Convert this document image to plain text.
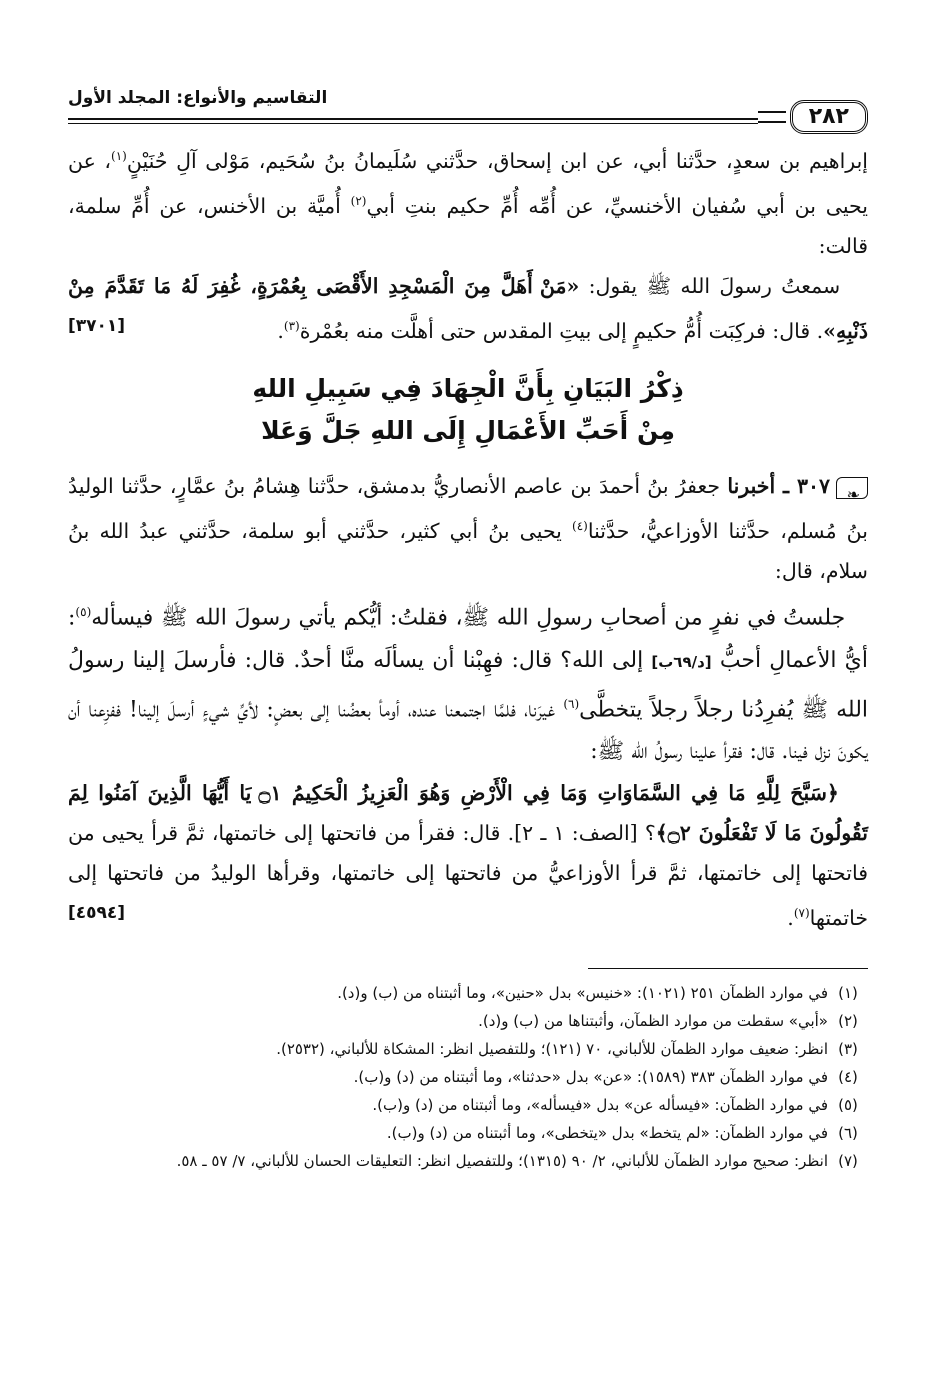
٢٨٢
التقاسيم والأنواع: المجلد الأول

إبراهيم بن سعدٍ، حدَّثنا أبي، عن ابن إسحاق، حدَّثني سُلَيمانُ بنُ سُحَيم، مَوْلى آلِ حُنَيْنٍ$^{(١)}$، عن يحيى بن أبي سُفيان الأخنسيِّ، عن أُمِّه أُمِّ حكيم بنتِ أبي$^{(٢)}$ أُميَّة بن الأخنس، عن أُمِّ سلمة، قالت:

سمعتُ رسولَ الله ﷺ يقول: «مَنْ أَهَلَّ مِنَ الْمَسْجِدِ الأَقْصَى بِعُمْرَةٍ، غُفِرَ لَهُ مَا تَقَدَّمَ مِنْ ذَنْبِهِ». قال: فركِبَت أُمُّ حكيمٍ إلى بيتِ المقدس حتى أهلَّت منه بعُمْرة$^{(٣)}$.
[٣٧٠١]

ذِكْرُ البَيَانِ بِأَنَّ الْجِهَادَ فِي سَبِيلِ اللهِ
مِنْ أَحَبِّ الأَعْمَالِ إِلَى اللهِ جَلَّ وَعَلا

❧٣٠٧ ـ أخبرنا جعفرُ بنُ أحمدَ بن عاصم الأنصاريُّ بدمشق، حدَّثنا هِشامُ بنُ عمَّارٍ، حدَّثنا الوليدُ بنُ مُسلم، حدَّثنا الأوزاعيُّ، حدَّثنا$^{(٤)}$ يحيى بنُ أبي كثير، حدَّثني أبو سلمة، حدَّثني عبدُ الله بنُ سلام، قال:

جلستُ في نفرٍ من أصحابِ رسولِ الله ﷺ، فقلتُ: أيُّكم يأتي رسولَ الله ﷺ فيسأله$^{(٥)}$: أيُّ الأعمالِ أحبُّ [د/٦٩ب] إلى الله؟ قال: فهِبْنا أن يسألَه منَّا أحدٌ. قال: فأرسلَ إلينا رسولُ الله ﷺ يُفرِدُنا رجلاً رجلاً يتخطَّى$^{(٦)}$ غيرَنا، فلمَّا اجتمعنا عنده، أومأ بعضُنا إلى بعضٍ: لأيِّ شيءٍ أرسلَ إلينا! ففزِعنا أن يكونَ نزل فينا. قال: فقرأ علينا رسولُ الله ﷺ:

﴿سَبَّحَ لِلَّهِ مَا فِي السَّمَاوَاتِ وَمَا فِي الْأَرْضِ وَهُوَ الْعَزِيزُ الْحَكِيمُ ۝١ يَا أَيُّهَا الَّذِينَ آمَنُوا لِمَ تَقُولُونَ مَا لَا تَفْعَلُونَ ۝٢﴾؟ [الصف: ١ ـ ٢]. قال: فقرأ من فاتحتها إلى خاتمتها، ثمَّ قرأ يحيى من فاتحتها إلى خاتمتها، ثمَّ قرأ الأوزاعيُّ من فاتحتها إلى خاتمتها، وقرأها الوليدُ من فاتحتها إلى خاتمتها$^{(٧)}$.
[٤٥٩٤]

(١)
في موارد الظمآن ٢٥١ (١٠٢١): «خنيس» بدل «حنين»، وما أثبتناه من (ب) و(د).
(٢)
«أبي» سقطت من موارد الظمآن، وأثبتناها من (ب) و(د).
(٣)
انظر: ضعيف موارد الظمآن للألباني، ٧٠ (١٢١)؛ وللتفصيل انظر: المشكاة للألباني، (٢٥٣٢).
(٤)
في موارد الظمآن ٣٨٣ (١٥٨٩): «عن» بدل «حدثنا»، وما أثبتناه من (د) و(ب).
(٥)
في موارد الظمآن: «فيسأله عن» بدل «فيسأله»، وما أثبتناه من (د) و(ب).
(٦)
في موارد الظمآن: «لم يتخط» بدل «يتخطى»، وما أثبتناه من (د) و(ب).
(٧)
انظر: صحيح موارد الظمآن للألباني، ٢/ ٩٠ (١٣١٥)؛ وللتفصيل انظر: التعليقات الحسان للألباني، ٧/ ٥٧ ـ ٥٨.
